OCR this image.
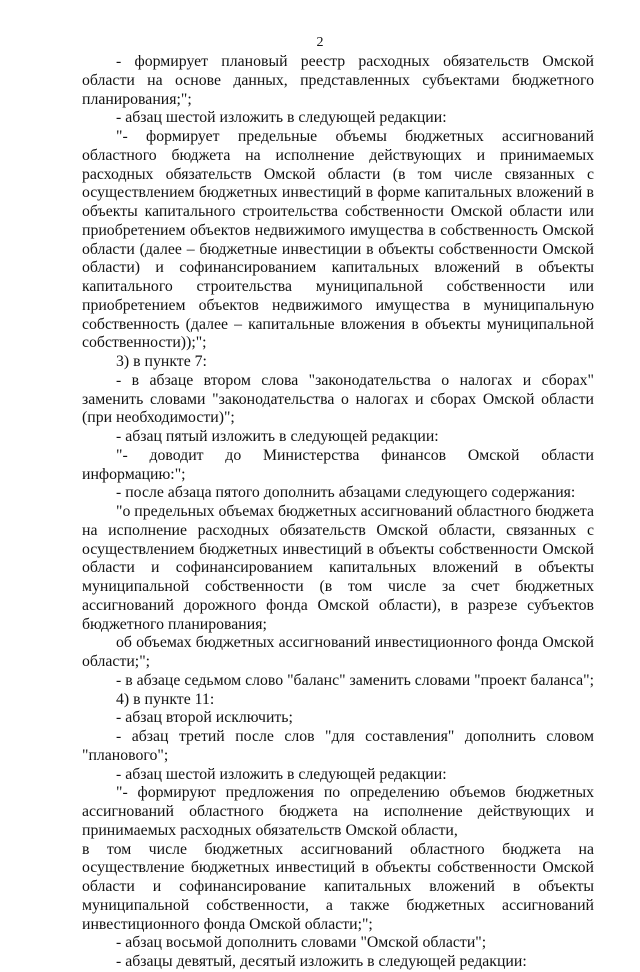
2

- формирует плановый реестр расходных обязательств Омской области на основе данных, представленных субъектами бюджетного планирования;";

- абзац шестой изложить в следующей редакции:

"- формирует предельные объемы бюджетных ассигнований областного бюджета на исполнение действующих и принимаемых расходных обязательств Омской области (в том числе связанных с осуществлением бюджетных инвестиций в форме капитальных вложений в объекты капитального строительства собственности Омской области или приобретением объектов недвижимого имущества в собственность Омской области (далее – бюджетные инвестиции в объекты собственности Омской области) и софинансированием капитальных вложений в объекты капитального строительства муниципальной собственности или приобретением объектов недвижимого имущества в муниципальную собственность (далее – капитальные вложения в объекты муниципальной собственности));";

3) в пункте 7:

- в абзаце втором слова "законодательства о налогах и сборах" заменить словами "законодательства о налогах и сборах Омской области (при необходимости)";

- абзац пятый изложить в следующей редакции:

"- доводит до Министерства финансов Омской области информацию:";

- после абзаца пятого дополнить абзацами следующего содержания:

"о предельных объемах бюджетных ассигнований областного бюджета на исполнение расходных обязательств Омской области, связанных с осуществлением бюджетных инвестиций в объекты собственности Омской области и софинансированием капитальных вложений в объекты муниципальной собственности (в том числе за счет бюджетных ассигнований дорожного фонда Омской области), в разрезе субъектов бюджетного планирования;

об объемах бюджетных ассигнований инвестиционного фонда Омской области;";

- в абзаце седьмом слово "баланс" заменить словами "проект баланса";

4) в пункте 11:

- абзац второй исключить;

- абзац третий после слов "для составления" дополнить словом "планового";

- абзац шестой изложить в следующей редакции:

"- формируют предложения по определению объемов бюджетных ассигнований областного бюджета на исполнение действующих и принимаемых расходных обязательств Омской области,

в том числе бюджетных ассигнований областного бюджета на осуществление бюджетных инвестиций в объекты собственности Омской области и софинансирование капитальных вложений в объекты муниципальной собственности, а также бюджетных ассигнований инвестиционного фонда Омской области;";

- абзац восьмой дополнить словами "Омской области";

- абзацы девятый, десятый изложить в следующей редакции:
